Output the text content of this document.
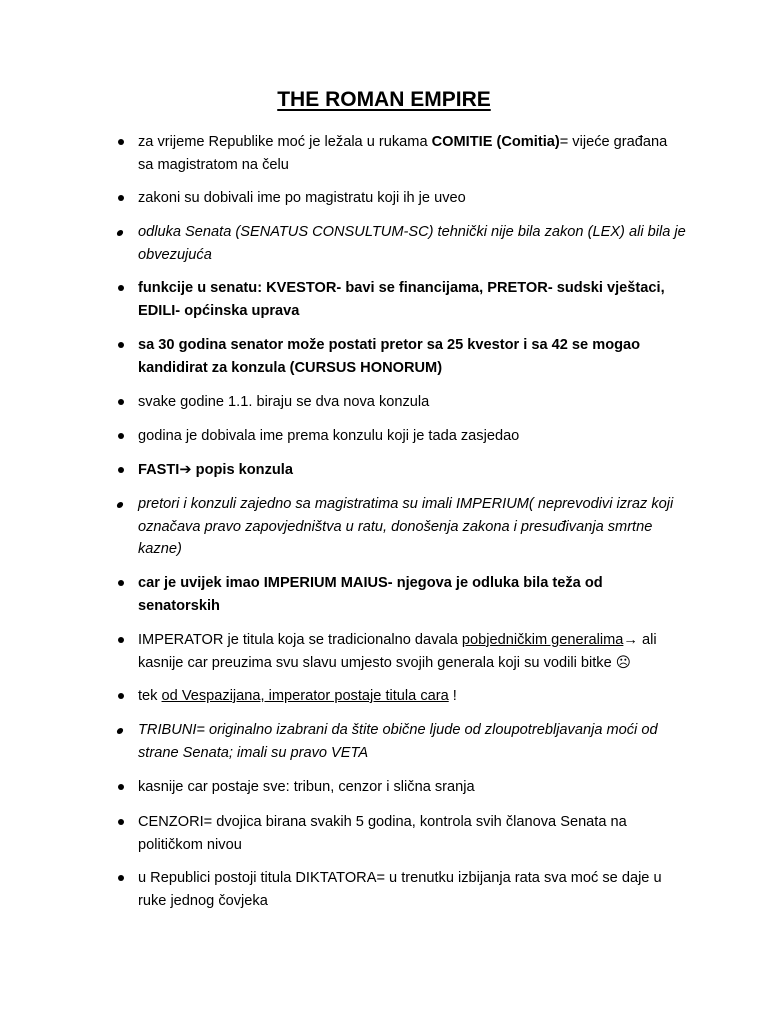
THE ROMAN EMPIRE
za vrijeme Republike moć je ležala u rukama COMITIE (Comitia)= vijeće građana sa magistratom na čelu
zakoni su dobivali ime po magistratu koji ih je uveo
odluka Senata (SENATUS CONSULTUM-SC) tehnički nije bila zakon (LEX) ali bila je obvezujuća
funkcije u senatu: KVESTOR- bavi se financijama, PRETOR- sudski vještaci, EDILI- općinska uprava
sa 30 godina senator može postati pretor sa 25 kvestor i sa 42 se mogao kandidirat za konzula (CURSUS HONORUM)
svake godine 1.1. biraju se dva nova konzula
godina je dobivala ime prema konzulu koji je tada zasjedao
FASTI➔ popis konzula
pretori i konzuli zajedno sa magistratima su imali IMPERIUM( neprevodivi izraz koji označava pravo zapovjedništva u ratu, donošenja zakona i presuđivanja smrtne kazne)
car je uvijek imao IMPERIUM MAIUS- njegova je odluka bila teža od senatorskih
IMPERATOR je titula koja se tradicionalno davala pobjedničkim generalima→ ali kasnije car preuzima svu slavu umjesto svojih generala koji su vodili bitke ☹
tek od Vespazijana, imperator postaje titula cara !
TRIBUNI= originalno izabrani da štite obične ljude od zloupotrebljavanja moći od strane Senata; imali su pravo VETA
kasnije car postaje sve: tribun, cenzor i slična sranja
CENZORI= dvojica birana svakih 5 godina, kontrola svih članova Senata na političkom nivou
u Republici postoji titula DIKTATORA= u trenutku izbijanja rata sva moć se daje u ruke jednog čovjeka
